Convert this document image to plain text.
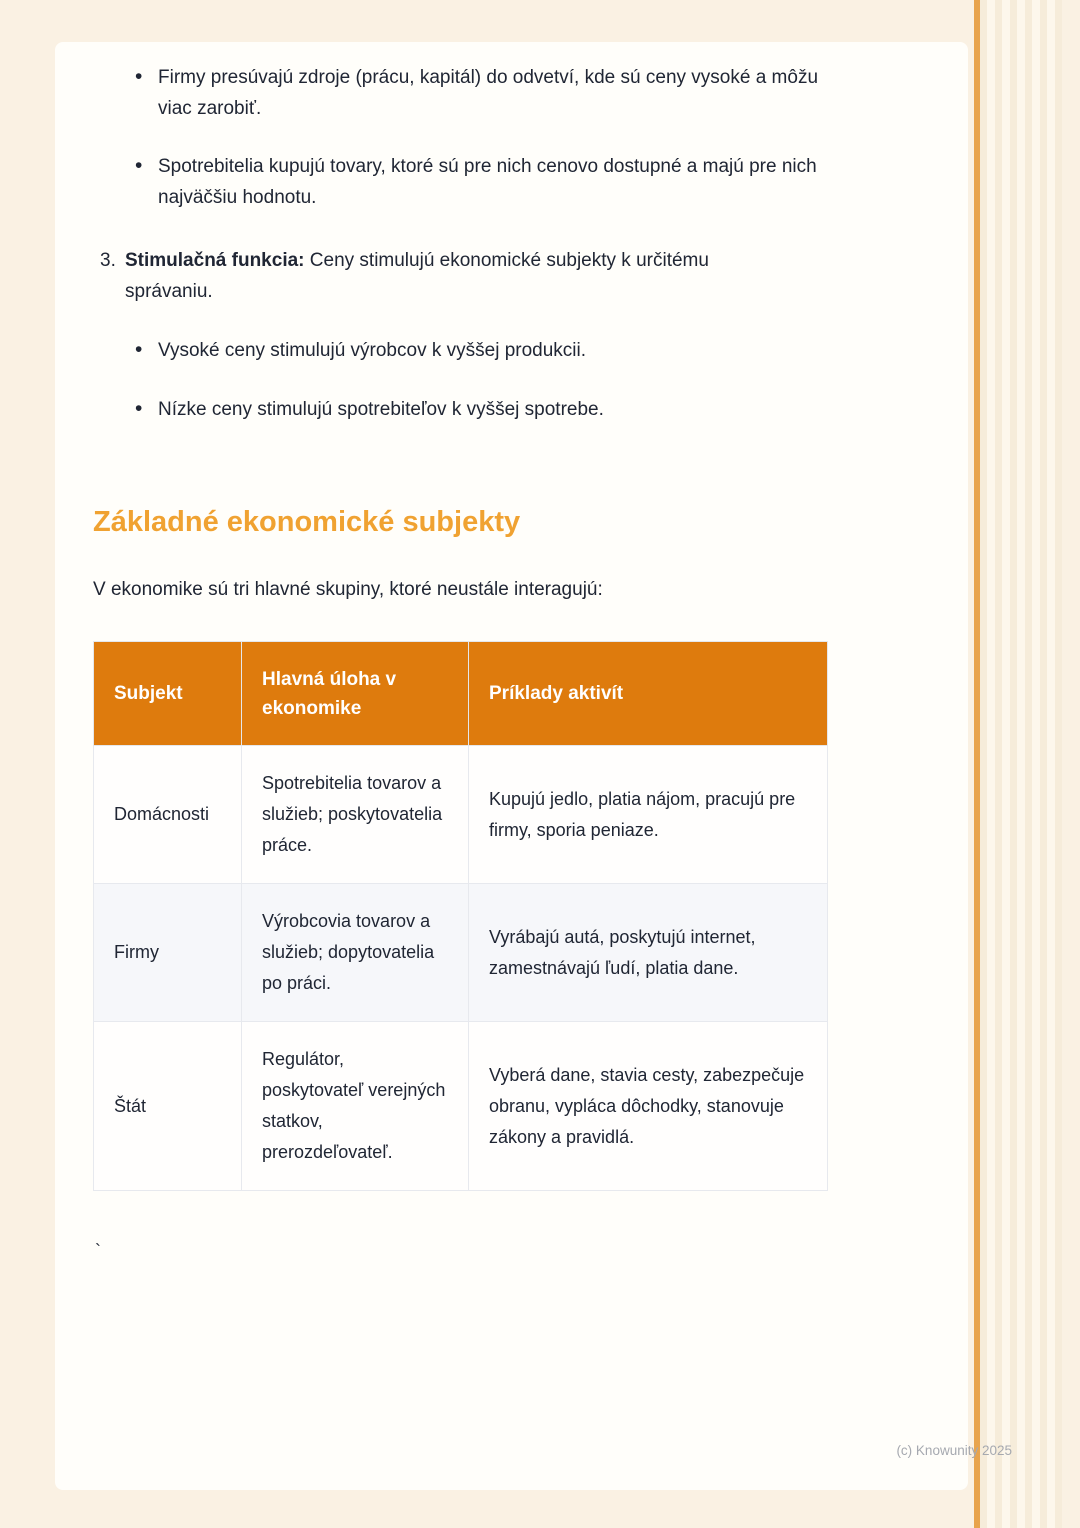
• Firmy presúvajú zdroje (prácu, kapitál) do odvetví, kde sú ceny vysoké a môžu viac zarobiť.
• Spotrebitelia kupujú tovary, ktoré sú pre nich cenovo dostupné a majú pre nich najväčšiu hodnotu.
3. Stimulačná funkcia: Ceny stimulujú ekonomické subjekty k určitému správaniu.

• Vysoké ceny stimulujú výrobcov k vyššej produkcii.
• Nízke ceny stimulujú spotrebiteľov k vyššej spotrebe.
Základné ekonomické subjekty

V ekonomike sú tri hlavné skupiny, ktoré neustále interagujú:

Subjekt	Hlavná úloha v ekonomike	Príklady aktivít
Domácnosti	Spotrebitelia tovarov a služieb; poskytovatelia práce.	Kupujú jedlo, platia nájom, pracujú pre firmy, sporia peniaze.
Firmy	Výrobcovia tovarov a služieb; dopytovatelia po práci.	Vyrábajú autá, poskytujú internet, zamestnávajú ľudí, platia dane.
Štát	Regulátor, poskytovateľ verejných statkov, prerozdeľovateľ.	Vyberá dane, stavia cesty, zabezpečuje obranu, vypláca dôchodky, stanovuje zákony a pravidlá.
`
(c) Knowunity 2025
